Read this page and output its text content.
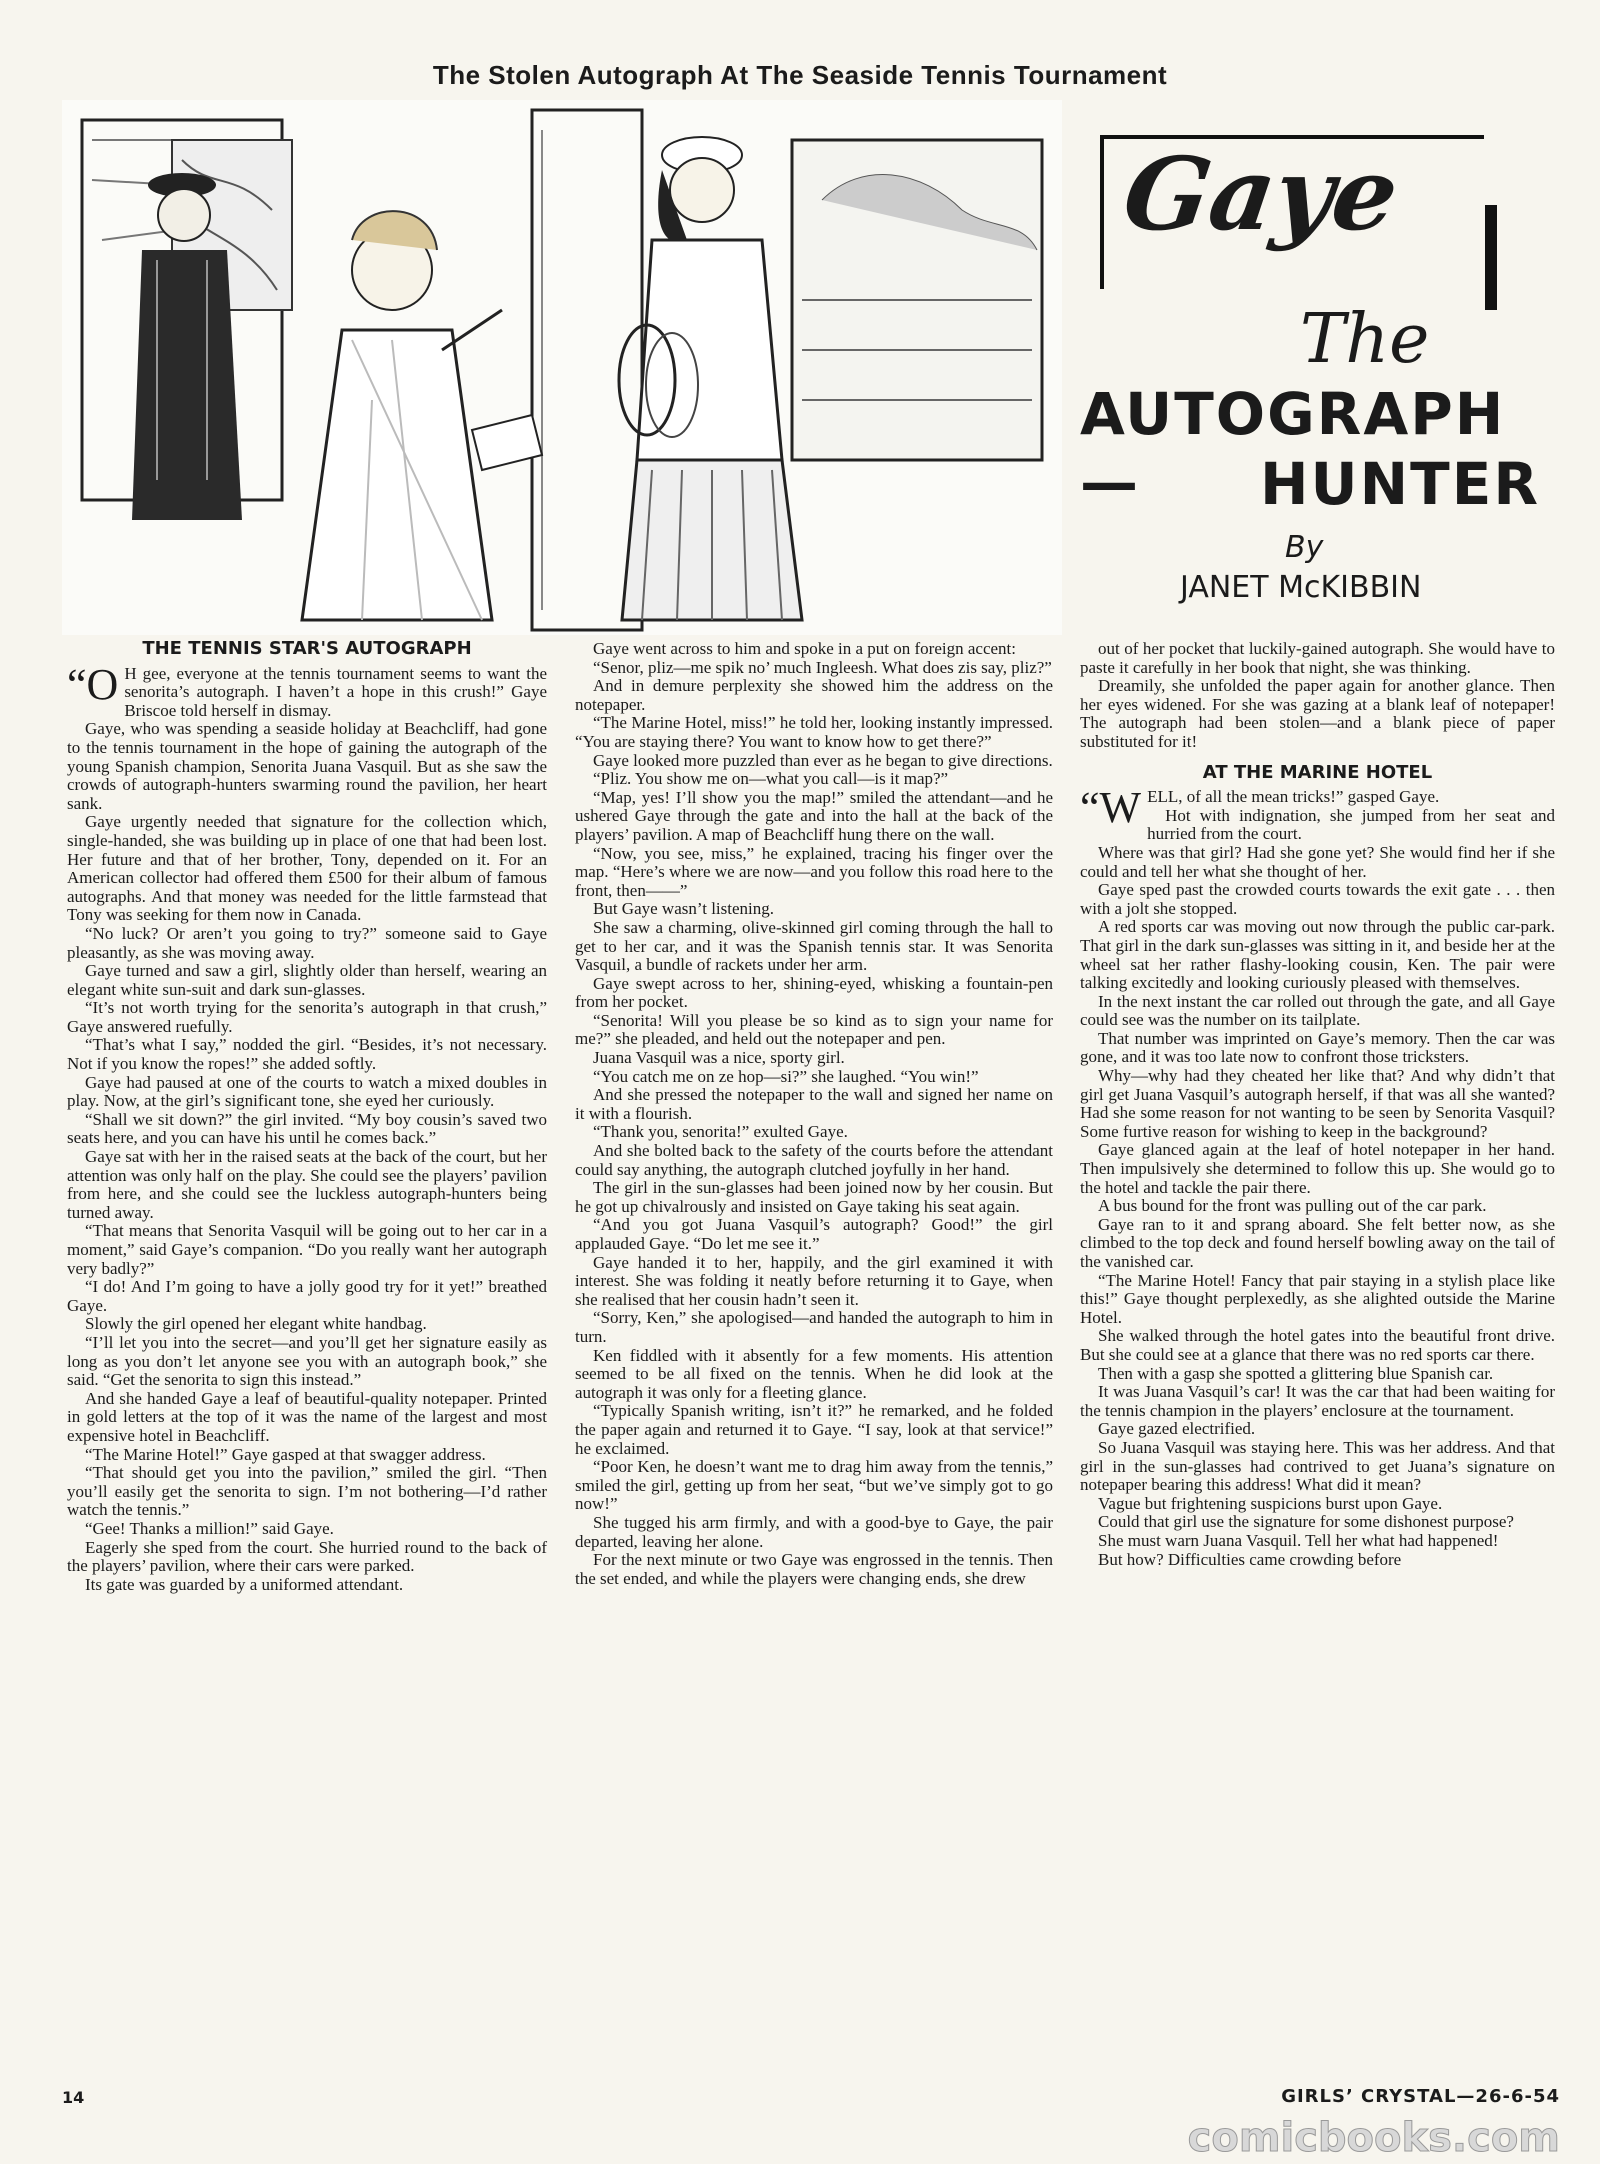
The Stolen Autograph At The Seaside Tennis Tournament
Gaye
The
AUTOGRAPH—	HUNTER
By
JANET McKIBBIN
THE TENNIS STAR'S AUTOGRAPH

“O H gee, everyone at the tennis tournament seems to want the senorita’s autograph. I haven’t a hope in this crush!” Gaye Briscoe told herself in dismay.

Gaye, who was spending a seaside holiday at Beachcliff, had gone to the tennis tournament in the hope of gaining the autograph of the young Spanish champion, Senorita Juana Vasquil. But as she saw the crowds of autograph-hunters swarming round the pavilion, her heart sank.

Gaye urgently needed that signature for the collection which, single-handed, she was building up in place of one that had been lost. Her future and that of her brother, Tony, depended on it. For an American collector had offered them £500 for their album of famous autographs. And that money was needed for the little farmstead that Tony was seeking for them now in Canada.

“No luck? Or aren’t you going to try?” someone said to Gaye pleasantly, as she was moving away.

Gaye turned and saw a girl, slightly older than herself, wearing an elegant white sun-suit and dark sun-glasses.

“It’s not worth trying for the senorita’s autograph in that crush,” Gaye answered ruefully.

“That’s what I say,” nodded the girl. “Besides, it’s not necessary. Not if you know the ropes!” she added softly.

Gaye had paused at one of the courts to watch a mixed doubles in play. Now, at the girl’s significant tone, she eyed her curiously.

“Shall we sit down?” the girl invited. “My boy cousin’s saved two seats here, and you can have his until he comes back.”

Gaye sat with her in the raised seats at the back of the court, but her attention was only half on the play. She could see the players’ pavilion from here, and she could see the luckless autograph-hunters being turned away.

“That means that Senorita Vasquil will be going out to her car in a moment,” said Gaye’s companion. “Do you really want her autograph very badly?”

“I do! And I’m going to have a jolly good try for it yet!” breathed Gaye.

Slowly the girl opened her elegant white handbag.

“I’ll let you into the secret—and you’ll get her signature easily as long as you don’t let anyone see you with an autograph book,” she said. “Get the senorita to sign this instead.”

And she handed Gaye a leaf of beautiful-quality notepaper. Printed in gold letters at the top of it was the name of the largest and most expensive hotel in Beachcliff.

“The Marine Hotel!” Gaye gasped at that swagger address.

“That should get you into the pavilion,” smiled the girl. “Then you’ll easily get the senorita to sign. I’m not bothering—I’d rather watch the tennis.”

“Gee! Thanks a million!” said Gaye.

Eagerly she sped from the court. She hurried round to the back of the players’ pavilion, where their cars were parked.

Its gate was guarded by a uniformed attendant.

Gaye went across to him and spoke in a put on foreign accent:

“Senor, pliz—me spik no’ much Ingleesh. What does zis say, pliz?”

And in demure perplexity she showed him the address on the notepaper.

“The Marine Hotel, miss!” he told her, looking instantly impressed. “You are staying there? You want to know how to get there?”

Gaye looked more puzzled than ever as he began to give directions.

“Pliz. You show me on—what you call—is it map?”

“Map, yes! I’ll show you the map!” smiled the attendant—and he ushered Gaye through the gate and into the hall at the back of the players’ pavilion. A map of Beachcliff hung there on the wall.

“Now, you see, miss,” he explained, tracing his finger over the map. “Here’s where we are now—and you follow this road here to the front, then——”

But Gaye wasn’t listening.

She saw a charming, olive-skinned girl coming through the hall to get to her car, and it was the Spanish tennis star. It was Senorita Vasquil, a bundle of rackets under her arm.

Gaye swept across to her, shining-eyed, whisking a fountain-pen from her pocket.

“Senorita! Will you please be so kind as to sign your name for me?” she pleaded, and held out the notepaper and pen.

Juana Vasquil was a nice, sporty girl.

“You catch me on ze hop—si?” she laughed. “You win!”

And she pressed the notepaper to the wall and signed her name on it with a flourish.

“Thank you, senorita!” exulted Gaye.

And she bolted back to the safety of the courts before the attendant could say anything, the autograph clutched joyfully in her hand.

The girl in the sun-glasses had been joined now by her cousin. But he got up chivalrously and insisted on Gaye taking his seat again.

“And you got Juana Vasquil’s autograph? Good!” the girl applauded Gaye. “Do let me see it.”

Gaye handed it to her, happily, and the girl examined it with interest. She was folding it neatly before returning it to Gaye, when she realised that her cousin hadn’t seen it.

“Sorry, Ken,” she apologised—and handed the autograph to him in turn.

Ken fiddled with it absently for a few moments. His attention seemed to be all fixed on the tennis. When he did look at the autograph it was only for a fleeting glance.

“Typically Spanish writing, isn’t it?” he remarked, and he folded the paper again and returned it to Gaye. “I say, look at that service!” he exclaimed.

“Poor Ken, he doesn’t want me to drag him away from the tennis,” smiled the girl, getting up from her seat, “but we’ve simply got to go now!”

She tugged his arm firmly, and with a good-bye to Gaye, the pair departed, leaving her alone.

For the next minute or two Gaye was engrossed in the tennis. Then the set ended, and while the players were changing ends, she drew

out of her pocket that luckily-gained autograph. She would have to paste it carefully in her book that night, she was thinking.

Dreamily, she unfolded the paper again for another glance. Then her eyes widened. For she was gazing at a blank leaf of notepaper! The autograph had been stolen—and a blank piece of paper substituted for it!

AT THE MARINE HOTEL

“WELL, of all the mean tricks!” gasped Gaye.

Hot with indignation, she jumped from her seat and hurried from the court.

Where was that girl? Had she gone yet? She would find her if she could and tell her what she thought of her.

Gaye sped past the crowded courts towards the exit gate . . . then with a jolt she stopped.

A red sports car was moving out now through the public car-park. That girl in the dark sun-glasses was sitting in it, and beside her at the wheel sat her rather flashy-looking cousin, Ken. The pair were talking excitedly and looking curiously pleased with themselves.

In the next instant the car rolled out through the gate, and all Gaye could see was the number on its tailplate.

That number was imprinted on Gaye’s memory. Then the car was gone, and it was too late now to confront those tricksters.

Why—why had they cheated her like that? And why didn’t that girl get Juana Vasquil’s autograph herself, if that was all she wanted? Had she some reason for not wanting to be seen by Senorita Vasquil? Some furtive reason for wishing to keep in the background?

Gaye glanced again at the leaf of hotel notepaper in her hand. Then impulsively she determined to follow this up. She would go to the hotel and tackle the pair there.

A bus bound for the front was pulling out of the car park.

Gaye ran to it and sprang aboard. She felt better now, as she climbed to the top deck and found herself bowling away on the tail of the vanished car.

“The Marine Hotel! Fancy that pair staying in a stylish place like this!” Gaye thought perplexedly, as she alighted outside the Marine Hotel.

She walked through the hotel gates into the beautiful front drive. But she could see at a glance that there was no red sports car there.

Then with a gasp she spotted a glittering blue Spanish car.

It was Juana Vasquil’s car! It was the car that had been waiting for the tennis champion in the players’ enclosure at the tournament.

Gaye gazed electrified.

So Juana Vasquil was staying here. This was her address. And that girl in the sun-glasses had contrived to get Juana’s signature on notepaper bearing this address! What did it mean?

Vague but frightening suspicions burst upon Gaye.

Could that girl use the signature for some dishonest purpose?

She must warn Juana Vasquil. Tell her what had happened!

But how? Difficulties came crowding before

14	GIRLS’ CRYSTAL—26-6-54
comicbooks.com
